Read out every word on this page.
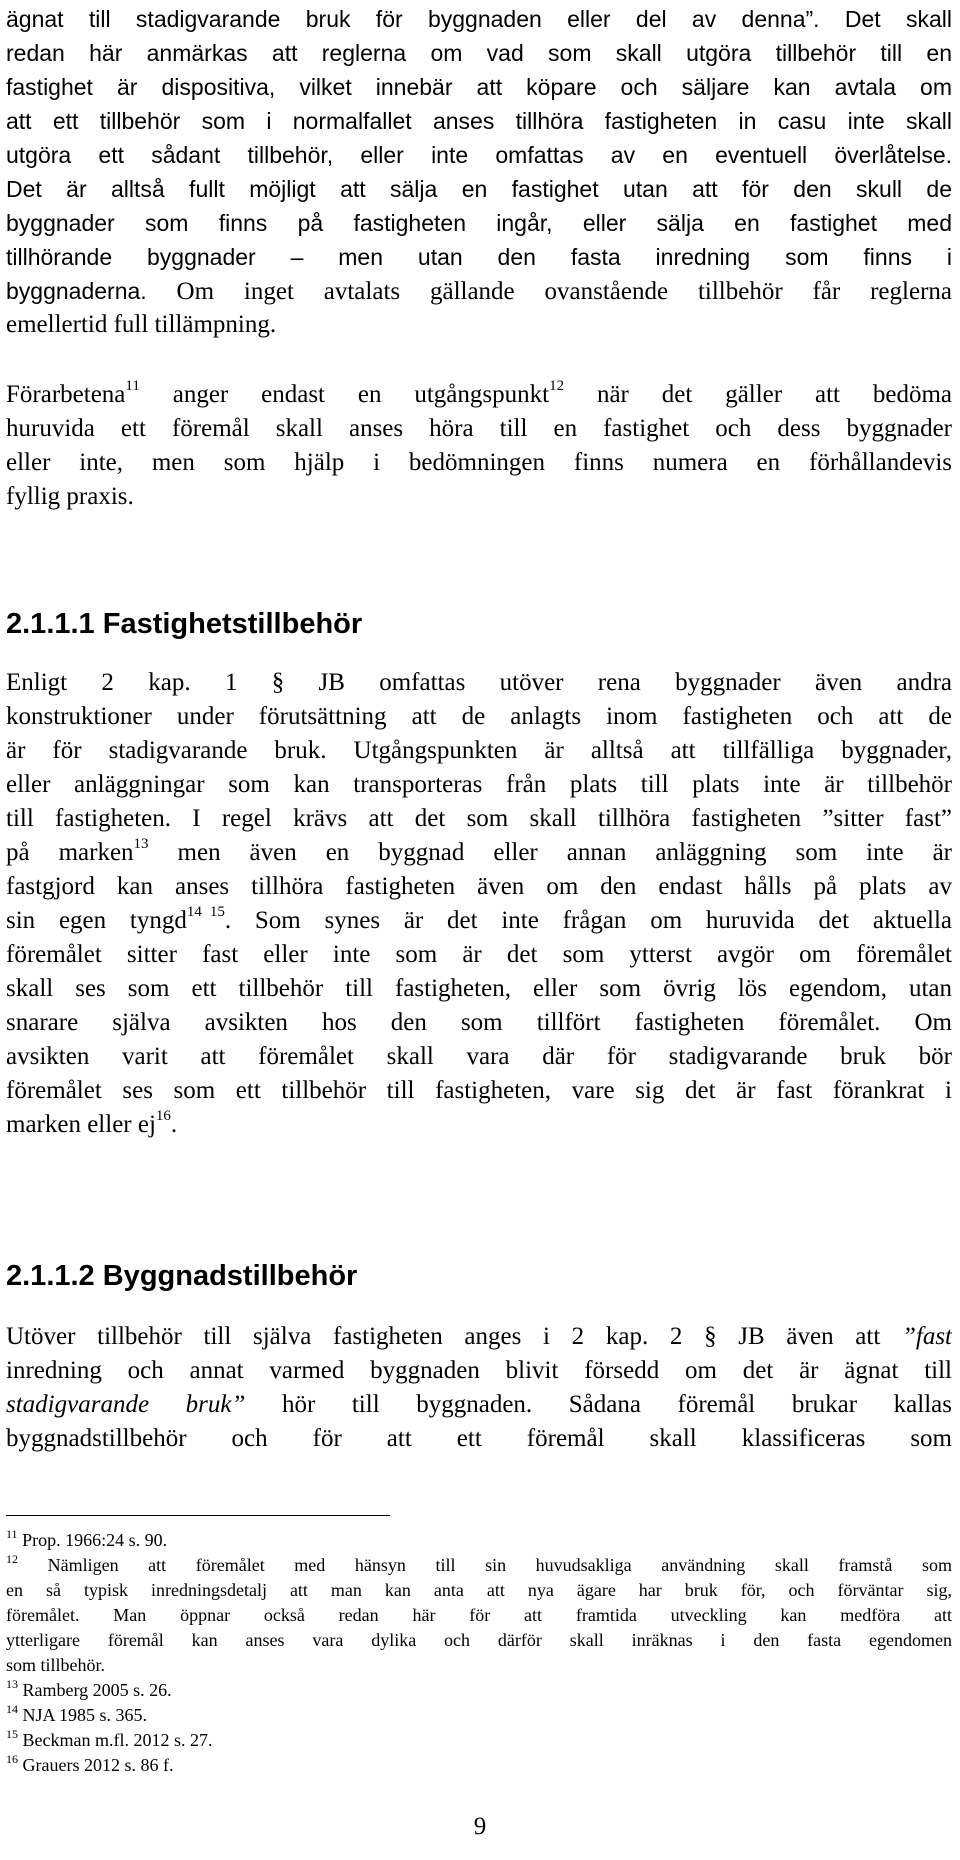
ägnat till stadigvarande bruk för byggnaden eller del av denna”. Det skall
redan här anmärkas att reglerna om vad som skall utgöra tillbehör till en
fastighet är dispositiva, vilket innebär att köpare och säljare kan avtala om
att ett tillbehör som i normalfallet anses tillhöra fastigheten in casu inte skall
utgöra ett sådant tillbehör, eller inte omfattas av en eventuell överlåtelse.
Det är alltså fullt möjligt att sälja en fastighet utan att för den skull de
byggnader som finns på fastigheten ingår, eller sälja en fastighet med
tillhörande byggnader – men utan den fasta inredning som finns i
byggnaderna. Om inget avtalats gällande ovanstående tillbehör får reglerna
emellertid full tillämpning.
Förarbetena$^{11}$ anger endast en utgångspunkt$^{12}$ när det gäller att bedöma
huruvida ett föremål skall anses höra till en fastighet och dess byggnader
eller inte, men som hjälp i bedömningen finns numera en förhållandevis
fyllig praxis.
2.1.1.1 Fastighetstillbehör
Enligt 2 kap. 1 § JB omfattas utöver rena byggnader även andra
konstruktioner under förutsättning att de anlagts inom fastigheten och att de
är för stadigvarande bruk. Utgångspunkten är alltså att tillfälliga byggnader,
eller anläggningar som kan transporteras från plats till plats inte är tillbehör
till fastigheten. I regel krävs att det som skall tillhöra fastigheten ”sitter fast”
på marken$^{13}$ men även en byggnad eller annan anläggning som inte är
fastgjord kan anses tillhöra fastigheten även om den endast hålls på plats av
sin egen tyngd$^{14}$ $^{15}$. Som synes är det inte frågan om huruvida det aktuella
föremålet sitter fast eller inte som är det som ytterst avgör om föremålet
skall ses som ett tillbehör till fastigheten, eller som övrig lös egendom, utan
snarare själva avsikten hos den som tillfört fastigheten föremålet. Om
avsikten varit att föremålet skall vara där för stadigvarande bruk bör
föremålet ses som ett tillbehör till fastigheten, vare sig det är fast förankrat i
marken eller $ej^{16}$.
2.1.1.2 Byggnadstillbehör
Utöver tillbehör till själva fastigheten anges i 2 kap. 2 § JB även att ”fast
inredning och annat varmed byggnaden blivit försedd om det är ägnat till
stadigvarande bruk” hör till byggnaden. Sådana föremål brukar kallas
byggnadstillbehör och för att ett föremål skall klassificeras som
$^{11}$ Prop. 1966:24 s. 90.
$^{12}$ Nämligen att föremålet med hänsyn till sin huvudsakliga användning skall framstå som
en så typisk inredningsdetalj att man kan anta att nya ägare har bruk för, och förväntar sig,
föremålet. Man öppnar också redan här för att framtida utveckling kan medföra att
ytterligare föremål kan anses vara dylika och därför skall inräknas i den fasta egendomen
som tillbehör.
$^{13}$ Ramberg 2005 s. 26.
$^{14}$ NJA 1985 s. 365.
$^{15}$ Beckman m.fl. 2012 s. 27.
$^{16}$ Grauers 2012 s. 86 f.

9
